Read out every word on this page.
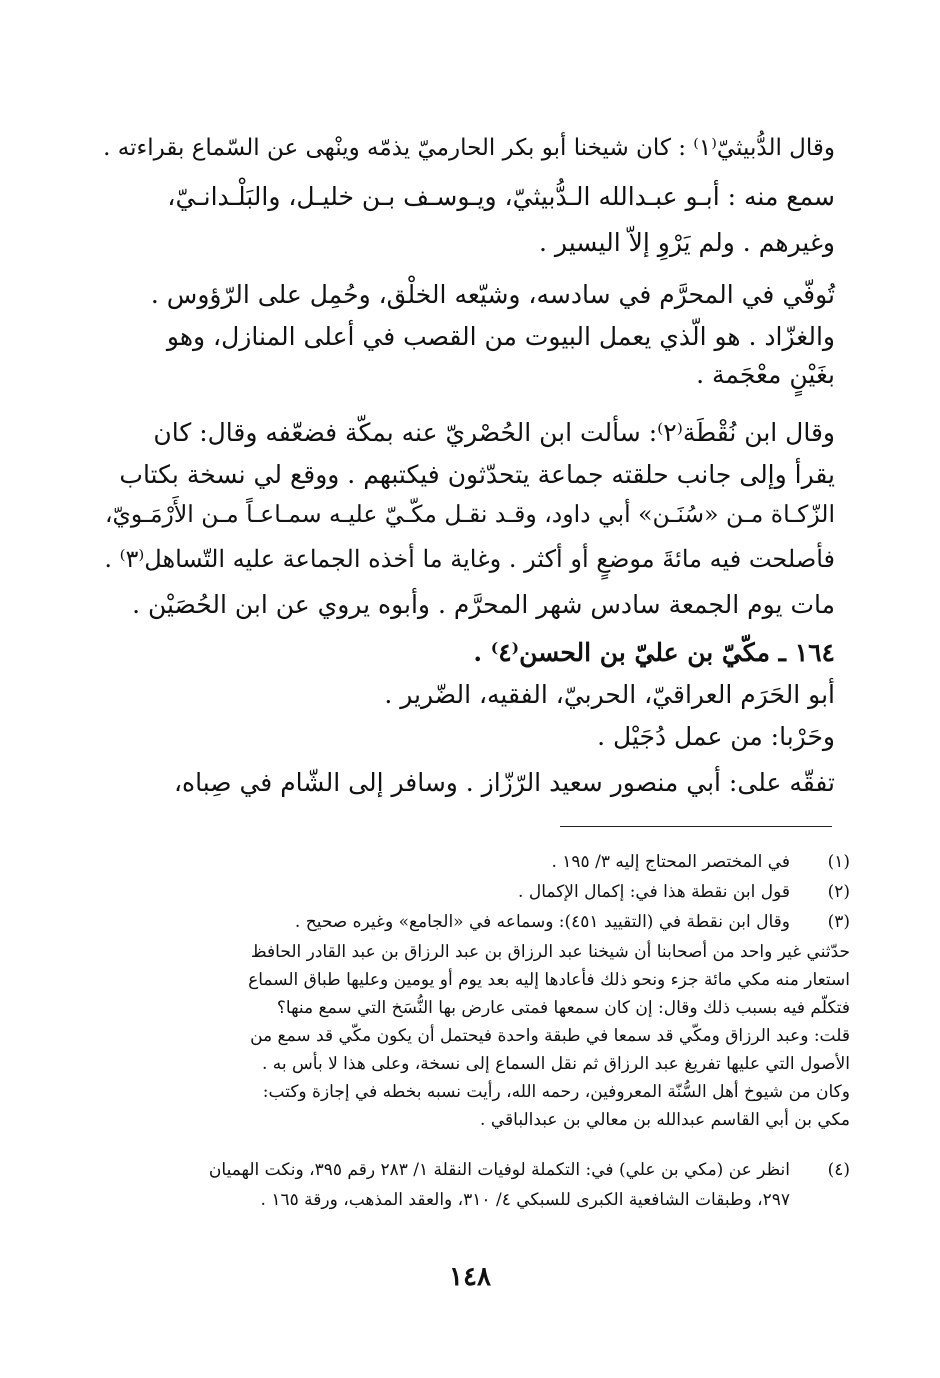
وقال الدُّبيثيّ⁽١⁾ : كان شيخنا أبو بكر الحارميّ يذمّه وينْهى عن السّماع بقراءته .
سمع منه : أبـو عبـدالله الـدُّبيثيّ، ويـوسـف بـن خليـل، والبَلْـدانـيّ،
وغيرهم . ولم يَرْوِ إلاّ اليسير .
تُوفّي في المحرَّم في سادسه، وشيّعه الخلْق، وحُمِل على الرّؤوس .
والغزّاد . هو الّذي يعمل البيوت من القصب في أعلى المنازل، وهو
بغَيْنٍ معْجَمة .
وقال ابن نُقْطَة⁽٢⁾: سألت ابن الحُصْريّ عنه بمكّة فضعّفه وقال: كان
يقرأ وإلى جانب حلقته جماعة يتحدّثون فيكتبهم . ووقع لي نسخة بكتاب
الزّكـاة مـن «سُنَـن» أبي داود، وقـد نقـل مكّـيّ عليـه سمـاعـاً مـن الأَرْمَـويّ،
فأصلحت فيه مائةَ موضعٍ أو أكثر . وغاية ما أخذه الجماعة عليه التّساهل⁽٣⁾ .
مات يوم الجمعة سادس شهر المحرَّم . وأبوه يروي عن ابن الحُصَيْن .
١٦٤ ـ مكّيّ بن عليّ بن الحسن⁽٤⁾ .
أبو الحَرَم العراقيّ، الحربيّ، الفقيه، الضّرير .
وحَرْبا: من عمل دُجَيْل .
تفقّه على: أبي منصور سعيد الرّزّاز . وسافر إلى الشّام في صِباه،
(١)
في المختصر المحتاج إليه ٣/ ١٩٥ .
(٢)
قول ابن نقطة هذا في: إكمال الإكمال .
(٣)
وقال ابن نقطة في (التقييد ٤٥١): وسماعه في «الجامع» وغيره صحيح .
حدّثني غير واحد من أصحابنا أن شيخنا عبد الرزاق بن عبد الرزاق بن عبد القادر الحافظ
استعار منه مكي مائة جزء ونحو ذلك فأعادها إليه بعد يوم أو يومين وعليها طباق السماع
فتكلّم فيه بسبب ذلك وقال: إن كان سمعها فمتى عارض بها النُّسَخ التي سمع منها؟
قلت: وعبد الرزاق ومكّي قد سمعا في طبقة واحدة فيحتمل أن يكون مكّي قد سمع من
الأصول التي عليها تفريغ عبد الرزاق ثم نقل السماع إلى نسخة، وعلى هذا لا بأس به .
وكان من شيوخ أهل السُّنّة المعروفين، رحمه الله، رأيت نسبه بخطه في إجازة وكتب:
مكي بن أبي القاسم عبدالله بن معالي بن عبدالباقي .
(٤)
انظر عن (مكي بن علي) في: التكملة لوفيات النقلة ١/ ٢٨٣ رقم ٣٩٥، ونكت الهميان
٢٩٧، وطبقات الشافعية الكبرى للسبكي ٤/ ٣١٠، والعقد المذهب، ورقة ١٦٥ .
١٤٨
